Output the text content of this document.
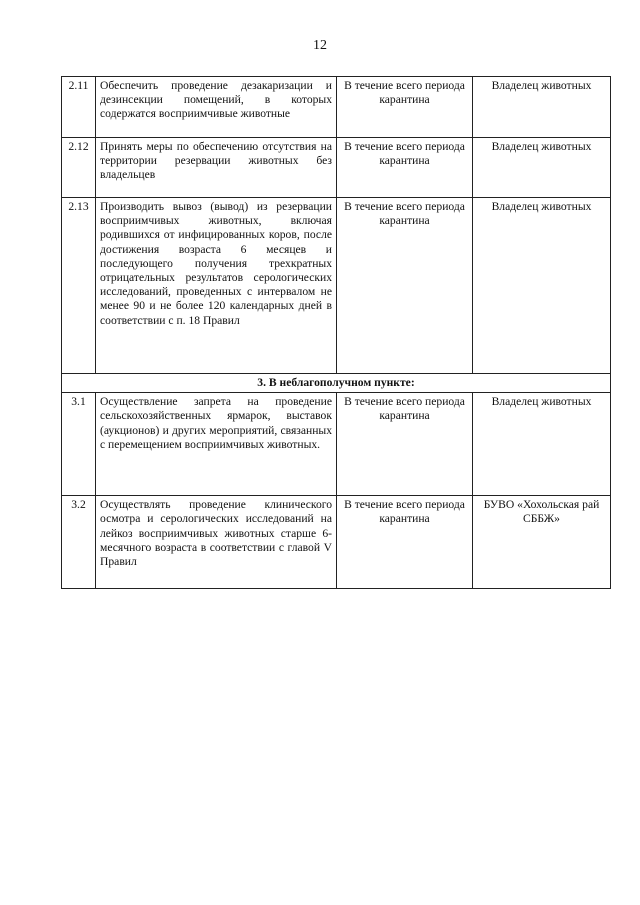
12
2.11	Обеспечить проведение дезакаризации и дезинсекции помещений, в которых содержатся восприимчивые животные	В течение всего периода карантина	Владелец животных
2.12	Принять меры по обеспечению отсутствия на территории резервации животных без владельцев	В течение всего периода карантина	Владелец животных
2.13	Производить вывоз (вывод) из резервации восприимчивых животных, включая родившихся от инфицированных коров, после достижения возраста 6 месяцев и последующего получения трехкратных отрицательных результатов серологических исследований, проведенных с интервалом не менее 90 и не более 120 календарных дней в соответствии с п. 18 Правил	В течение всего периода карантина	Владелец животных
3. В неблагополучном пункте:			
3.1	Осуществление запрета на проведение сельскохозяйственных ярмарок, выставок (аукционов) и других мероприятий, связанных с перемещением восприимчивых животных.	В течение всего периода карантина	Владелец животных
3.2	Осуществлять проведение клинического осмотра и серологических исследований на лейкоз восприимчивых животных старше 6-месячного возраста в соответствии с главой V Правил	В течение всего периода карантина	БУВО «Хохольская рай СББЖ»
